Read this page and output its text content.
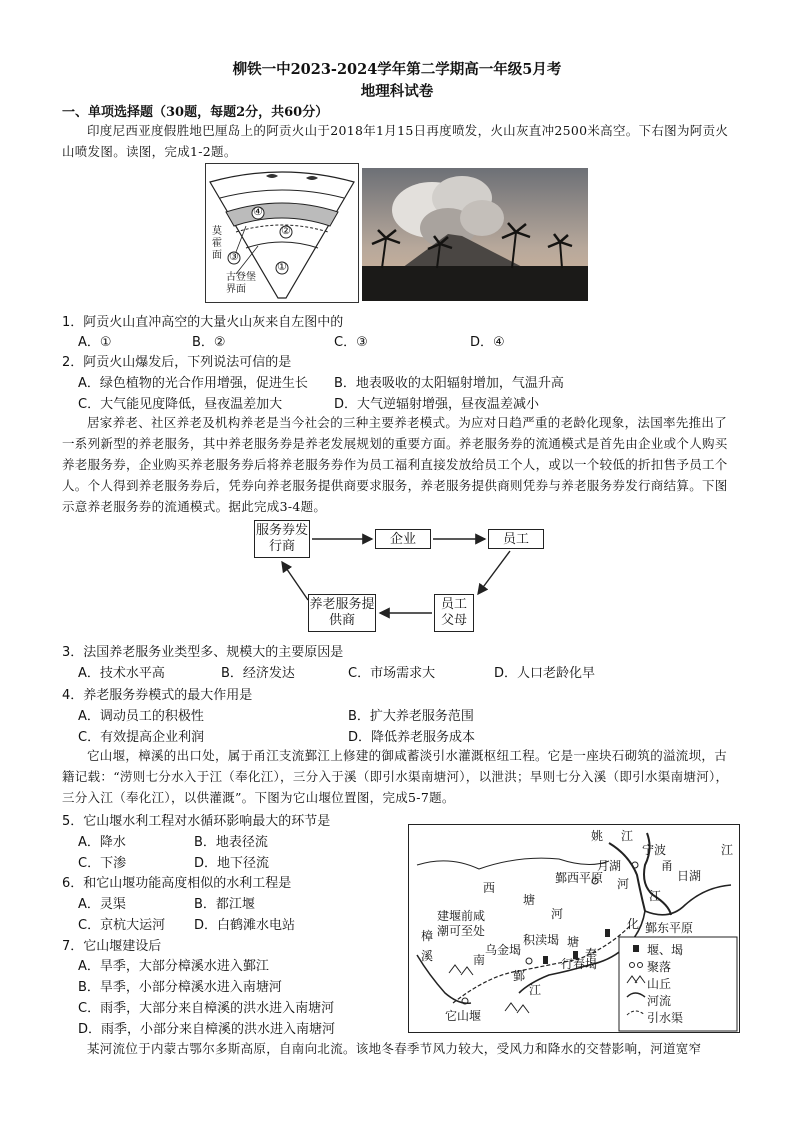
柳铁一中2023-2024学年第二学期高一年级5月考
地理科试卷
一、单项选择题（30题，每题2分，共60分）
印度尼西亚度假胜地巴厘岛上的阿贡火山于2018年1月15日再度喷发，火山灰直冲2500米高空。下右图为阿贡火山喷发图。读图，完成1-2题。
④
②
③
①
莫霍面
古登堡界面
1．阿贡火山直冲高空的大量火山灰来自左图中的
A．①	B．②	C．③	D．④
2．阿贡火山爆发后，下列说法可信的是
A．绿色植物的光合作用增强，促进生长 B．地表吸收的太阳辐射增加，气温升高
C．大气能见度降低，昼夜温差加大	D．大气逆辐射增强，昼夜温差减小
居家养老、社区养老及机构养老是当今社会的三种主要养老模式。为应对日趋严重的老龄化现象，法国率先推出了一系列新型的养老服务，其中养老服务券是养老发展规划的重要方面。养老服务券的流通模式是首先由企业或个人购买养老服务券，企业购买养老服务券后将养老服务券作为员工福利直接发放给员工个人，或以一个较低的折扣售予员工个人。个人得到养老服务券后，凭券向养老服务提供商要求服务，养老服务提供商则凭券与养老服务券发行商结算。下图示意养老服务券的流通模式。据此完成3-4题。
服务券发行商	企业	员工
员工父母
养老服务提供商
3．法国养老服务业类型多、规模大的主要原因是
A．技术水平高	B．经济发达	C．市场需求大	D．人口老龄化早
4．养老服务券模式的最大作用是
A．调动员工的积极性	B．扩大养老服务范围
C．有效提高企业利润	D．降低养老服务成本
它山堰，樟溪的出口处，属于甬江支流鄞江上修建的御咸蓄淡引水灌溉枢纽工程。它是一座块石砌筑的溢流坝，古籍记载：“涝则七分水入于江（奉化江），三分入于溪（即引水渠南塘河），以泄洪；旱则七分入溪（即引水渠南塘河），三分入江（奉化江），以供灌溉”。下图为它山堰位置图，完成5-7题。
5．它山堰水利工程对水循环影响最大的环节是
A．降水	B．地表径流
C．下渗	D．地下径流
6．和它山堰功能高度相似的水利工程是
A．灵渠	B．都江堰
C．京杭大运河 D．白鹤滩水电站
7．它山堰建设后
A．旱季，大部分樟溪水进入鄞江
B．旱季，小部分樟溪水进入南塘河
C．雨季，大部分来自樟溪的洪水进入南塘河
D．雨季，小部分来自樟溪的洪水进入南塘河
堰、堨
聚落
山丘
河流
引水渠
姚 江
宁波
甬
江
月湖
河
江
日湖
鄞西平原
西
塘
河
化 鄞东平原
建堰前咸
潮可至处
乌金堨
积渎堨
樟
溪	南
塘
奉
行春堨
鄞
江
它山堰
某河流位于内蒙古鄂尔多斯高原，自南向北流。该地冬春季节风力较大，受风力和降水的交替影响，河道宽窄
